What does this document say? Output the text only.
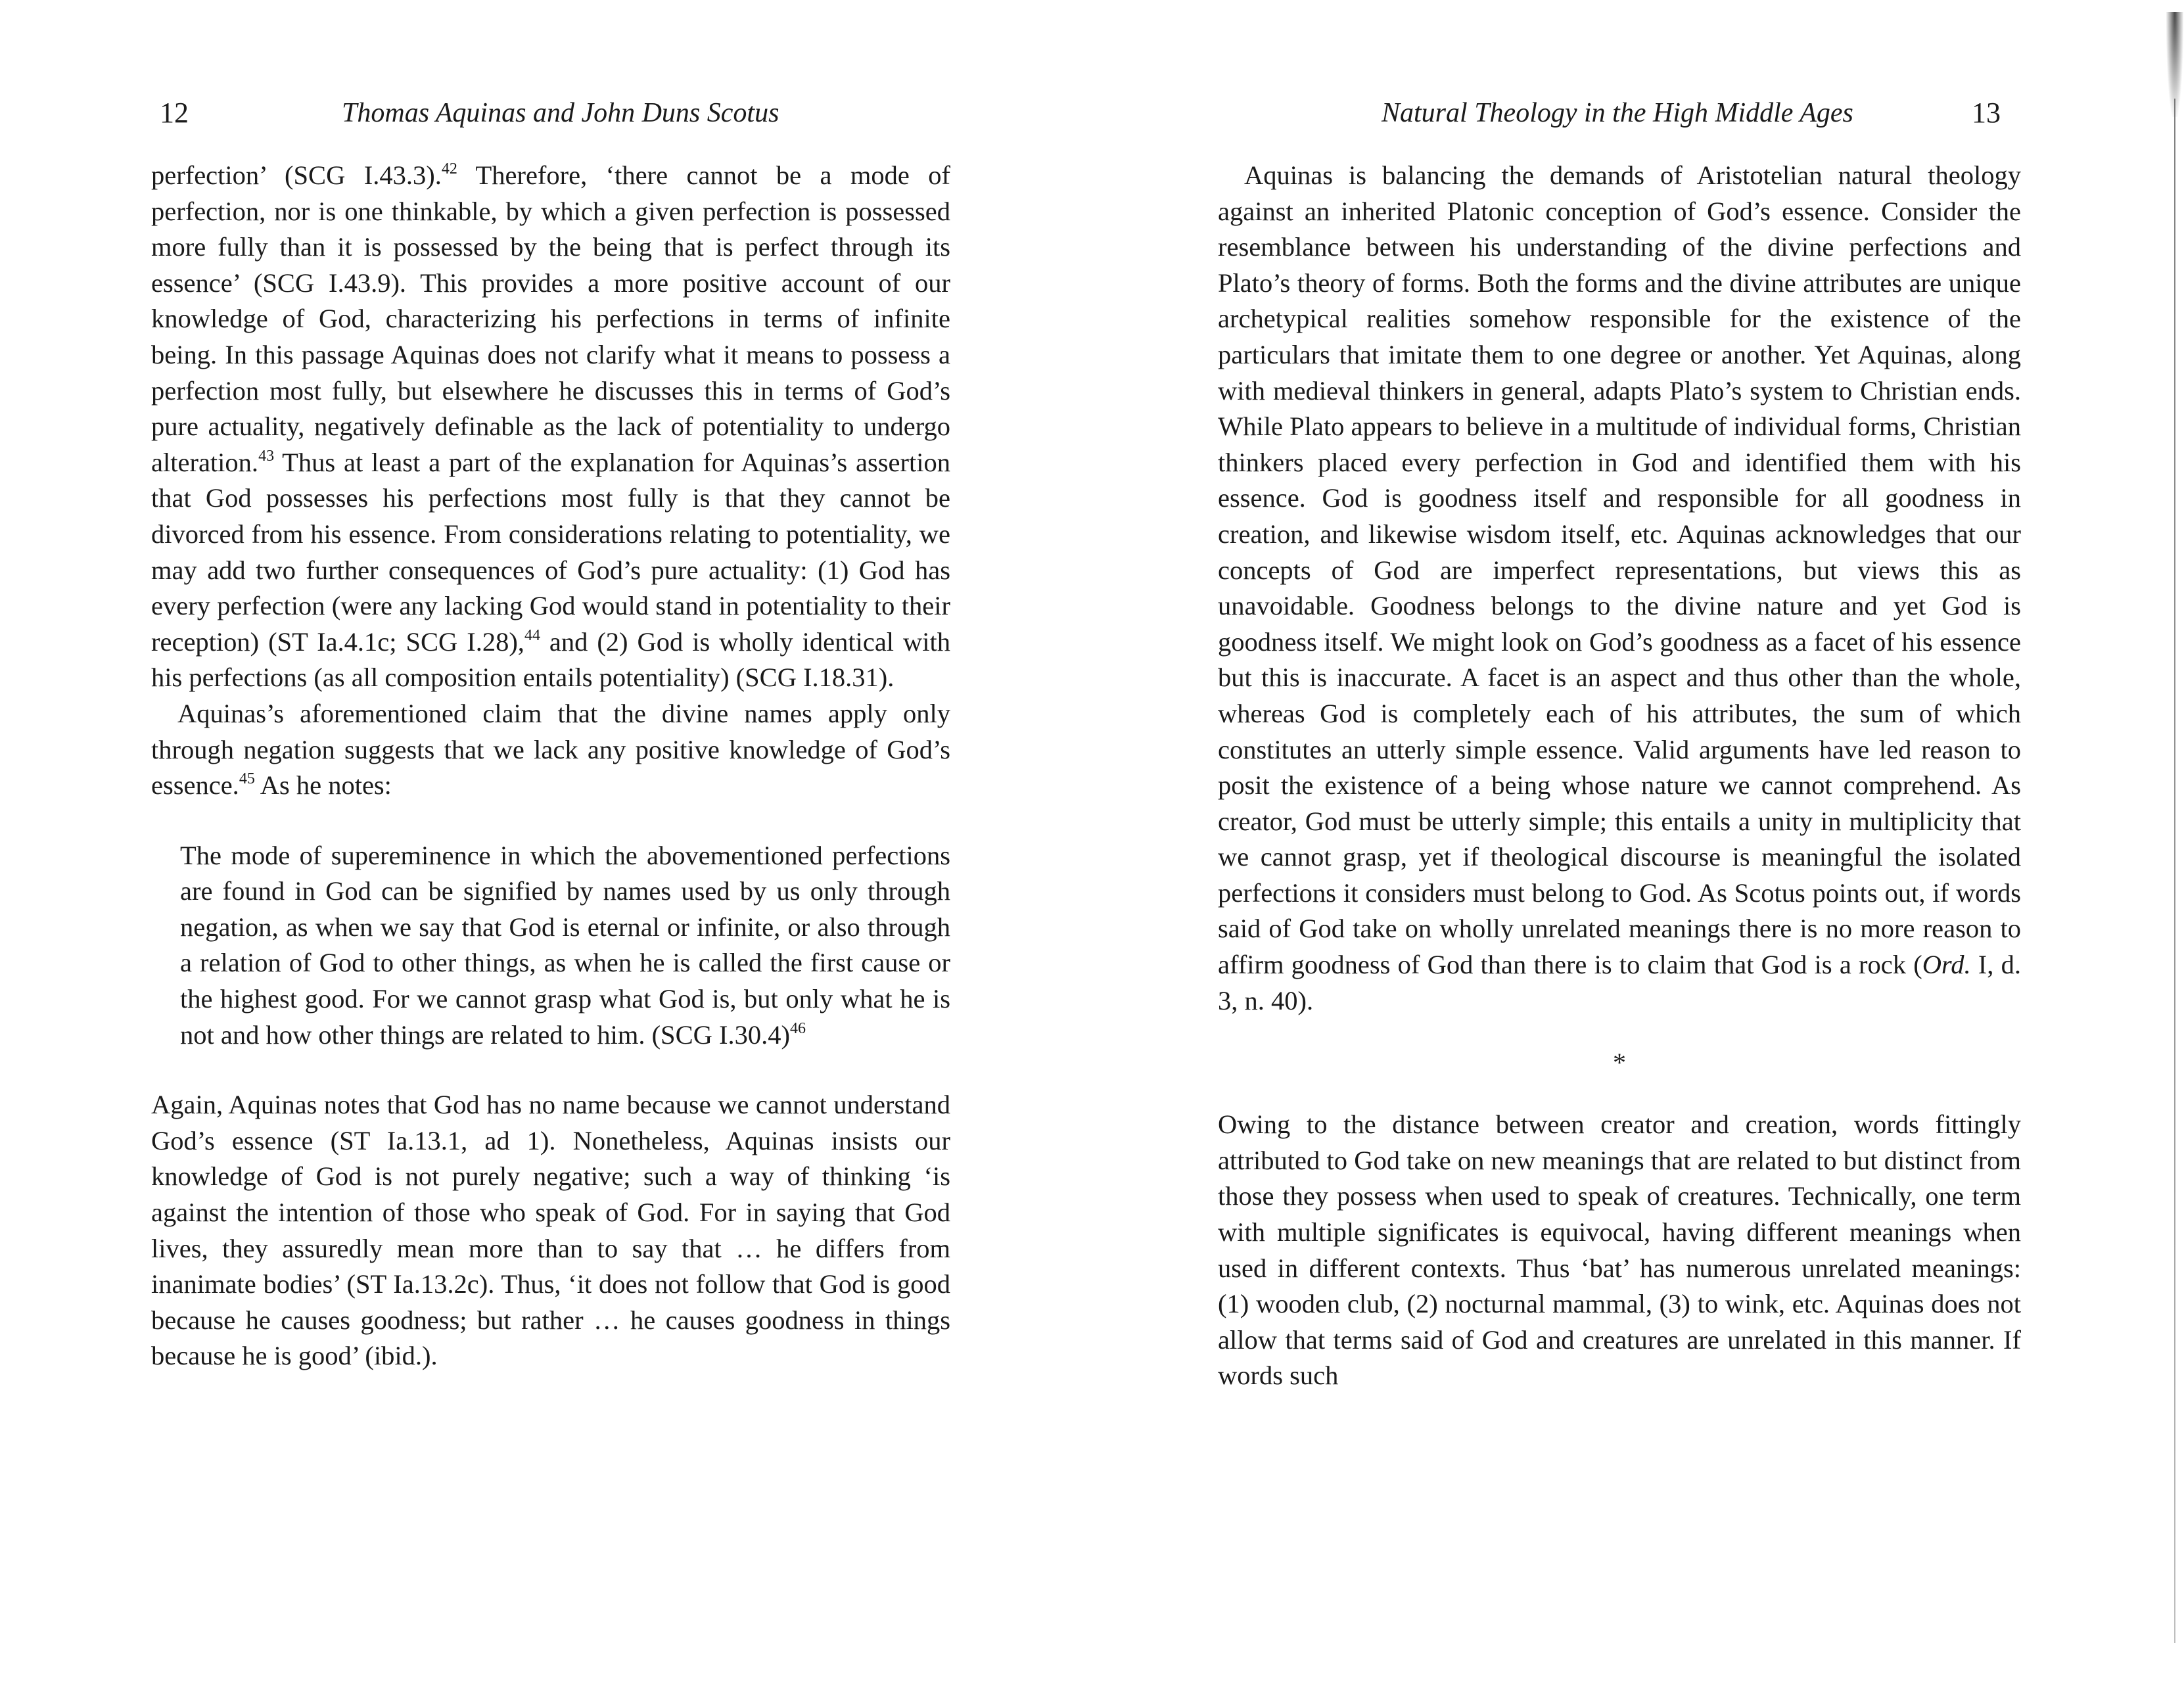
12	Thomas Aquinas and John Duns Scotus

perfection’ (SCG I.43.3).$^{42}$ Therefore, ‘there cannot be a mode of perfection, nor is one thinkable, by which a given perfection is possessed more fully than it is possessed by the being that is perfect through its essence’ (SCG I.43.9). This provides a more positive account of our knowledge of God, characterizing his perfections in terms of infinite being. In this passage Aquinas does not clarify what it means to possess a perfection most fully, but elsewhere he discusses this in terms of God’s pure actuality, negatively definable as the lack of potentiality to undergo alteration.$^{43}$ Thus at least a part of the explanation for Aquinas’s assertion that God possesses his perfections most fully is that they cannot be divorced from his essence. From considerations relating to potentiality, we may add two further consequences of God’s pure actuality: (1) God has every perfection (were any lacking God would stand in potentiality to their reception) (ST Ia.4.1c; SCG I.28),$^{44}$ and (2) God is wholly identical with his perfections (as all composition entails potentiality) (SCG I.18.31).

Aquinas’s aforementioned claim that the divine names apply only through negation suggests that we lack any positive knowledge of God’s essence.$^{45}$ As he notes:

The mode of supereminence in which the abovementioned perfections are found in God can be signified by names used by us only through negation, as when we say that God is eternal or infinite, or also through a relation of God to other things, as when he is called the first cause or the highest good. For we cannot grasp what God is, but only what he is not and how other things are related to him. (SCG I.30.4)$^{46}$

Again, Aquinas notes that God has no name because we cannot understand God’s essence (ST Ia.13.1, ad 1). Nonetheless, Aquinas insists our knowledge of God is not purely negative; such a way of thinking ‘is against the intention of those who speak of God. For in saying that God lives, they assuredly mean more than to say that … he differs from inanimate bodies’ (ST Ia.13.2c). Thus, ‘it does not follow that God is good because he causes goodness; but rather … he causes goodness in things because he is good’ (ibid.).

Natural Theology in the High Middle Ages	13

Aquinas is balancing the demands of Aristotelian natural theology against an inherited Platonic conception of God’s essence. Consider the resemblance between his understanding of the divine perfections and Plato’s theory of forms. Both the forms and the divine attributes are unique archetypical realities somehow responsible for the existence of the particulars that imitate them to one degree or another. Yet Aquinas, along with medieval thinkers in general, adapts Plato’s system to Christian ends. While Plato appears to believe in a multitude of individual forms, Christian thinkers placed every perfection in God and identified them with his essence. God is goodness itself and responsible for all goodness in creation, and likewise wisdom itself, etc. Aquinas acknowledges that our concepts of God are imperfect representations, but views this as unavoidable. Goodness belongs to the divine nature and yet God is goodness itself. We might look on God’s goodness as a facet of his essence but this is inaccurate. A facet is an aspect and thus other than the whole, whereas God is completely each of his attributes, the sum of which constitutes an utterly simple essence. Valid arguments have led reason to posit the existence of a being whose nature we cannot comprehend. As creator, God must be utterly simple; this entails a unity in multiplicity that we cannot grasp, yet if theological discourse is meaningful the isolated perfections it considers must belong to God. As Scotus points out, if words said of God take on wholly unrelated meanings there is no more reason to affirm goodness of God than there is to claim that God is a rock (Ord. I, d. 3, n. 40).

*

Owing to the distance between creator and creation, words fittingly attributed to God take on new meanings that are related to but distinct from those they possess when used to speak of creatures. Technically, one term with multiple significates is equivocal, having different meanings when used in different contexts. Thus ‘bat’ has numerous unrelated meanings: (1) wooden club, (2) nocturnal mammal, (3) to wink, etc. Aquinas does not allow that terms said of God and creatures are unrelated in this manner. If words such
